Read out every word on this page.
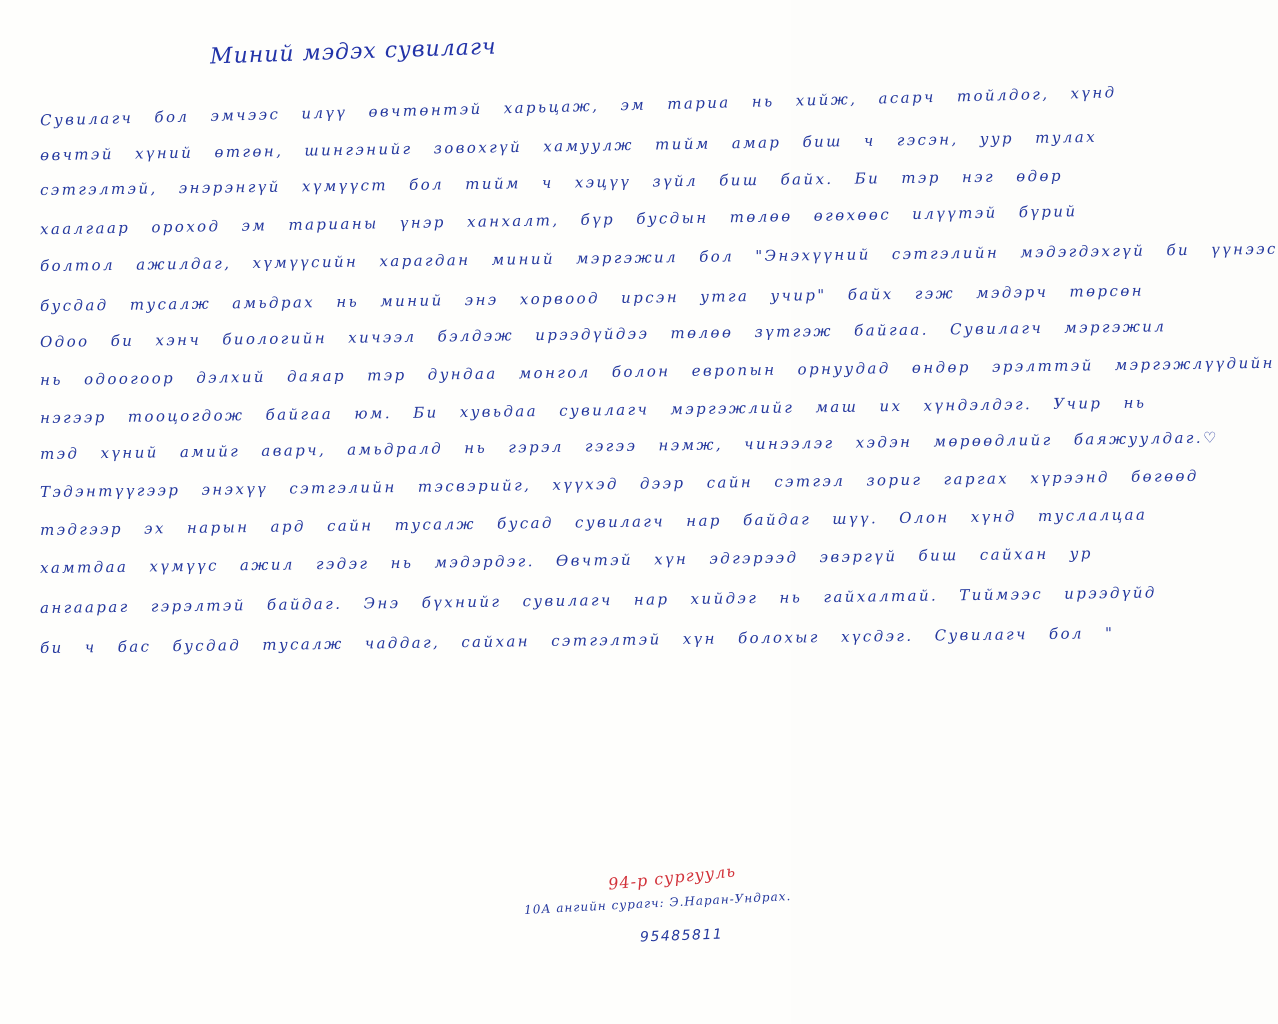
Миний мэдэх сувилагч
Сувилагч бол эмчээс илүү өвчтөнтэй харьцаж, эм тариа нь хийж, асарч тойлдог, хүнд
өвчтэй хүний өтгөн, шингэнийг зовохгүй хамуулж тийм амар биш ч гэсэн, уур тулах
сэтгэлтэй, энэрэнгүй хүмүүст бол тийм ч хэцүү зүйл биш байх. Би тэр нэг өдөр
хаалгаар ороход эм тарианы үнэр ханхалт, бүр бусдын төлөө өгөхөөс илүүтэй бүрий
болтол ажилдаг, хүмүүсийн харагдан миний мэргэжил бол "Энэхүүний сэтгэлийн мэдэгдэхгүй би үүнээс
бусдад тусалж амьдрах нь миний энэ хорвоод ирсэн утга учир" байх гэж мэдэрч төрсөн
Одоо би хэнч биологийн хичээл бэлдэж ирээдүйдээ төлөө зүтгэж байгаа. Сувилагч мэргэжил
нь одоогоор дэлхий даяар тэр дундаа монгол болон европын орнуудад өндөр эрэлттэй мэргэжлүүдийн
нэгээр тооцогдож байгаа юм. Би хувьдаа сувилагч мэргэжлийг маш их хүндэлдэг. Учир нь
тэд хүний амийг аварч, амьдралд нь гэрэл гэгээ нэмж, чинээлэг хэдэн мөрөөдлийг баяжуулдаг.♡
Тэдэнтүүгээр энэхүү сэтгэлийн тэсвэрийг, хүүхэд дээр сайн сэтгэл зориг гаргах хүрээнд бөгөөд
тэдгээр эх нарын ард сайн тусалж бусад сувилагч нар байдаг шүү. Олон хүнд туслалцаа
хамтдаа хүмүүс ажил гэдэг нь мэдэрдэг. Өвчтэй хүн эдгэрээд эвэргүй биш сайхан ур
ангаараг гэрэлтэй байдаг. Энэ бүхнийг сувилагч нар хийдэг нь гайхалтай. Тиймээс ирээдүйд
би ч бас бусдад тусалж чаддаг, сайхан сэтгэлтэй хүн болохыг хүсдэг. Сувилагч бол "
94-р сургууль
10А ангийн сурагч: Э.Наран-Ундрах.
95485811
